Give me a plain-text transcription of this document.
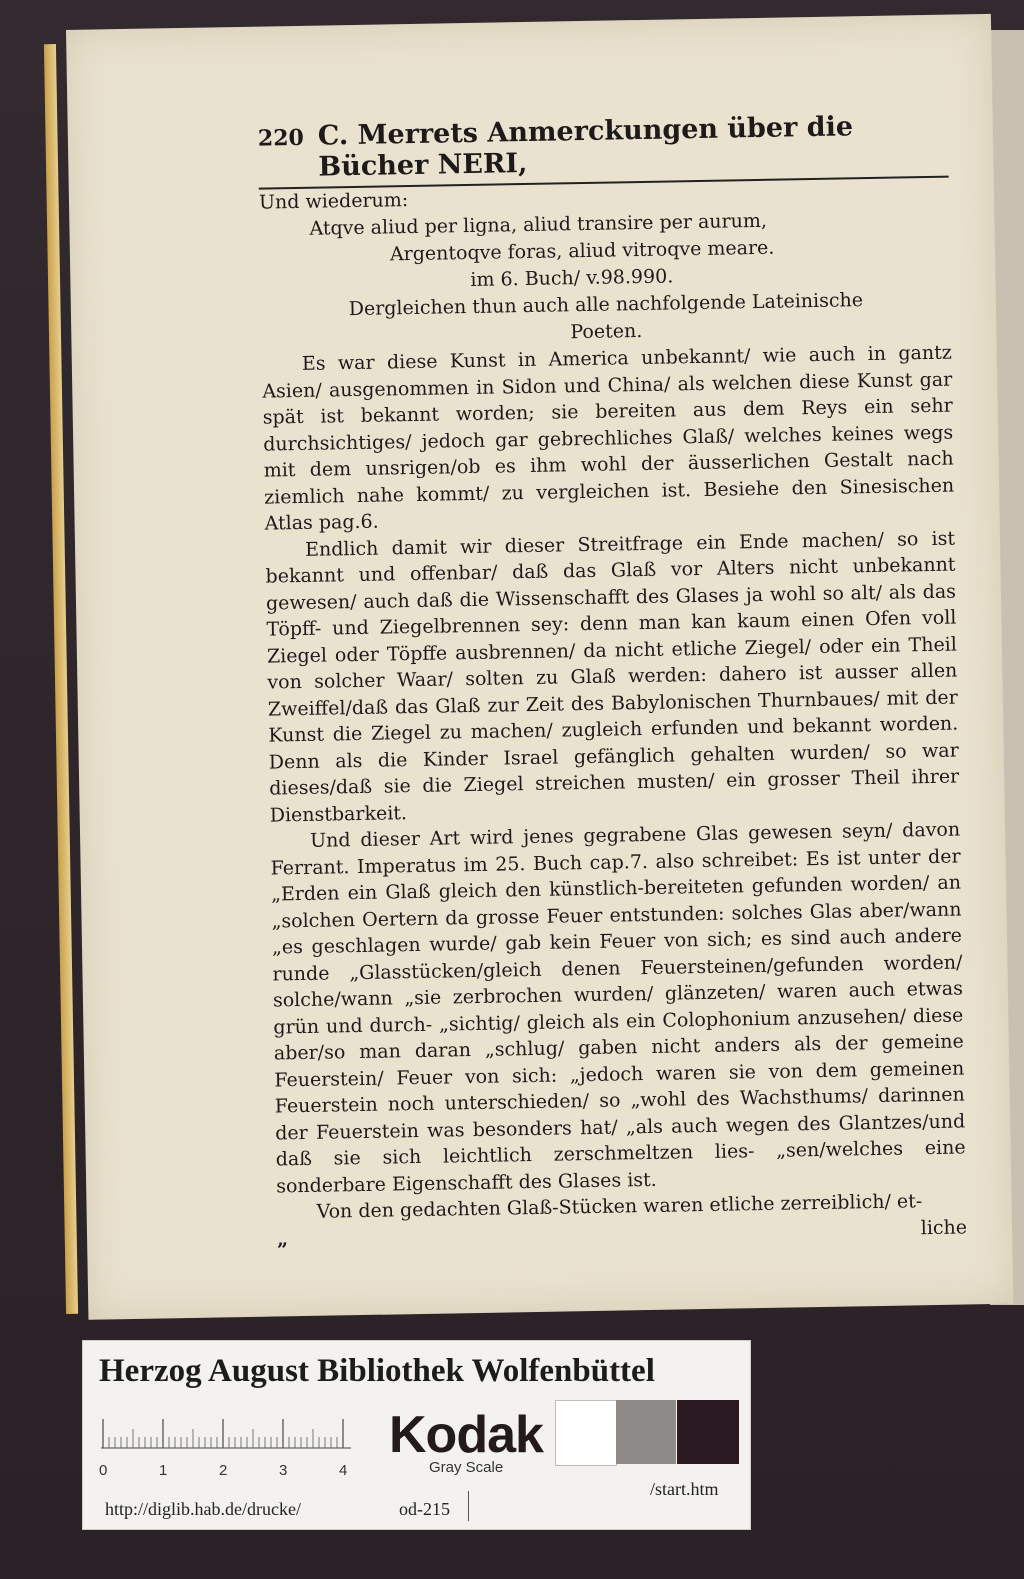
220 C. Merrets Anmerckungen über die Bücher NERI,
Und wiederum:
Atqve aliud per ligna, aliud transire per aurum,
Argentoqve foras, aliud vitroqve meare.
im 6. Buch/ v.98.990.
Dergleichen thun auch alle nachfolgende Lateinische
Poeten.

Es war diese Kunst in America unbekannt/ wie auch in gantz Asien/ ausgenommen in Sidon und China/ als welchen diese Kunst gar spät ist bekannt worden; sie bereiten aus dem Reys ein sehr durchsichtiges/ jedoch gar gebrechliches Glaß/ welches keines wegs mit dem unsrigen/ob es ihm wohl der äusserlichen Gestalt nach ziemlich nahe kommt/ zu vergleichen ist. Besiehe den Sinesischen Atlas pag.6.

Endlich damit wir dieser Streitfrage ein Ende machen/ so ist bekannt und offenbar/ daß das Glaß vor Alters nicht unbekannt gewesen/ auch daß die Wissenschafft des Glases ja wohl so alt/ als das Töpff- und Ziegelbrennen sey: denn man kan kaum einen Ofen voll Ziegel oder Töpffe ausbrennen/ da nicht etliche Ziegel/ oder ein Theil von solcher Waar/ solten zu Glaß werden: dahero ist ausser allen Zweiffel/daß das Glaß zur Zeit des Babylonischen Thurnbaues/ mit der Kunst die Ziegel zu machen/ zugleich erfunden und bekannt worden. Denn als die Kinder Israel gefänglich gehalten wurden/ so war dieses/daß sie die Ziegel streichen musten/ ein grosser Theil ihrer Dienstbarkeit.

Und dieser Art wird jenes gegrabene Glas gewesen seyn/ davon Ferrant. Imperatus im 25. Buch cap.7. also schreibet: Es ist unter der „Erden ein Glaß gleich den künstlich-bereiteten gefunden worden/ an „solchen Oertern da grosse Feuer entstunden: solches Glas aber/wann „es geschlagen wurde/ gab kein Feuer von sich; es sind auch andere runde „Glasstücken/gleich denen Feuersteinen/gefunden worden/ solche/wann „sie zerbrochen wurden/ glänzeten/ waren auch etwas grün und durch- „sichtig/ gleich als ein Colophonium anzusehen/ diese aber/so man daran „schlug/ gaben nicht anders als der gemeine Feuerstein/ Feuer von sich: „jedoch waren sie von dem gemeinen Feuerstein noch unterschieden/ so „wohl des Wachsthums/ darinnen der Feuerstein was besonders hat/ „als auch wegen des Glantzes/und daß sie sich leichtlich zerschmeltzen lies- „sen/welches eine sonderbare Eigenschafft des Glases ist.

Von den gedachten Glaß-Stücken waren etliche zerreiblich/ et-

„
liche
Herzog August Bibliothek Wolfenbüttel
0	1	2	3	4
Kodak
Gray Scale
http://diglib.hab.de/drucke/	od-215
/start.htm
